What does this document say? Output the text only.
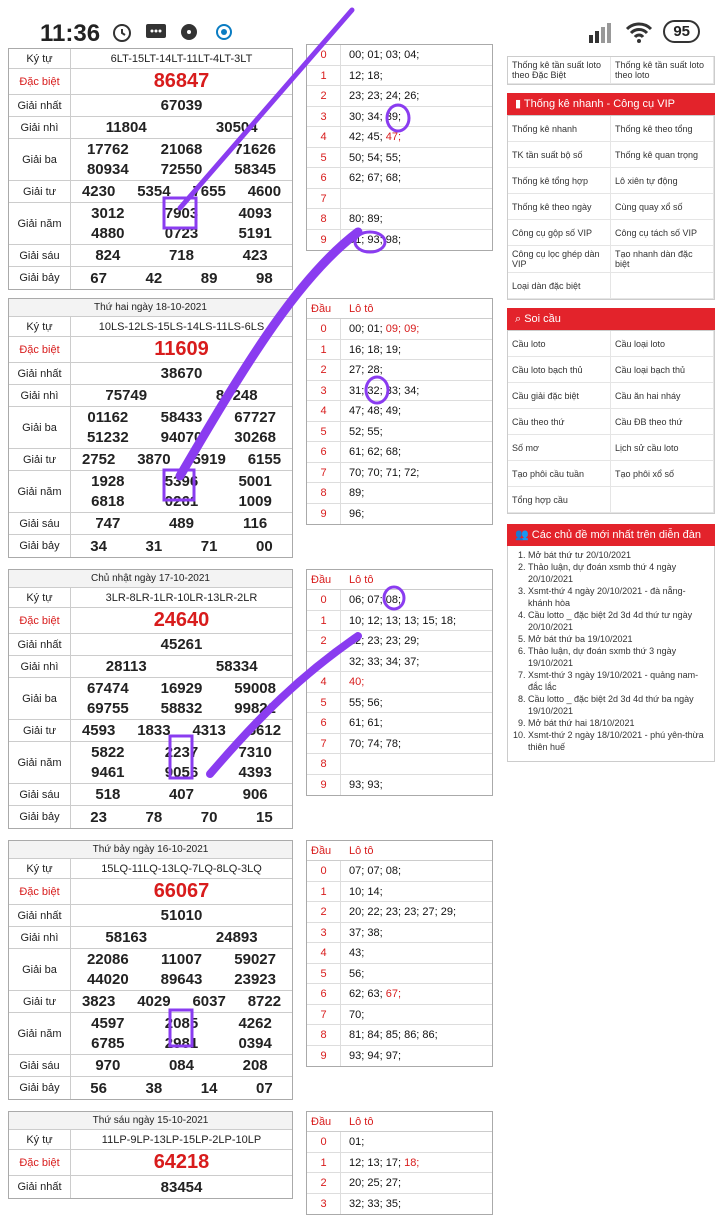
11:36	95
Ký tự	6LT-15LT-14LT-11LT-4LT-3LT
Đặc biệt	86847
Giải nhất	67039
Giải nhì	11804	30504
Giải ba
17762	21068	71626
80934	72550	58345
Giải tư	4230	5354	7655	4600
Giải năm
3012	7903	4093
4880	0723	5191
Giải sáu	824	718	423
Giải bảy	67	42	89	98
Thứ hai ngày 18-10-2021
Ký tự	10LS-12LS-15LS-14LS-11LS-6LS
Đặc biệt	11609
Giải nhất	38670
Giải nhì	75749	89248
Giải ba
01162	58433	67727
51232	94070	30268
Giải tư	2752	3870	5919	6155
Giải năm
1928	5396	5001
6818	0261	1009
Giải sáu	747	489	116
Giải bảy	34	31	71	00
Chủ nhật ngày 17-10-2021
Ký tự	3LR-8LR-1LR-10LR-13LR-2LR
Đặc biệt	24640
Giải nhất	45261
Giải nhì	28113	58334
Giải ba
67474	16929	59008
69755	58832	99822
Giải tư	4593	1833	4313	5612
Giải năm
5822	2237	7310
9461	9056	4393
Giải sáu	518	407	906
Giải bảy	23	78	70	15
Thứ bảy ngày 16-10-2021
Ký tự	15LQ-11LQ-13LQ-7LQ-8LQ-3LQ
Đặc biệt	66067
Giải nhất	51010
Giải nhì	58163	24893
Giải ba
22086	11007	59027
44020	89643	23923
Giải tư	3823	4029	6037	8722
Giải năm
4597	2085	4262
6785	2981	0394
Giải sáu	970	084	208
Giải bảy	56	38	14	07
Thứ sáu ngày 15-10-2021
Ký tự	11LP-9LP-13LP-15LP-2LP-10LP
Đặc biệt	64218
Giải nhất	83454
0	00; 01; 03; 04;
1	12; 18;
2	23; 23; 24; 26;
3	30; 34; 39;
4	42; 45; 47;
5	50; 54; 55;
6	62; 67; 68;
7
8	80; 89;
9	91; 93; 98;
Đầu	Lô tô
0	00; 01; 09; 09;
1	16; 18; 19;
2	27; 28;
3	31; 32; 33; 34;
4	47; 48; 49;
5	52; 55;
6	61; 62; 68;
7	70; 70; 71; 72;
8	89;
9	96;
Đầu	Lô tô
0	06; 07; 08;
1	10; 12; 13; 13; 15; 18;
2	22; 23; 23; 29;
3	32; 33; 34; 37;
4	40;
5	55; 56;
6	61; 61;
7	70; 74; 78;
8
9	93; 93;
Đầu	Lô tô
0	07; 07; 08;
1	10; 14;
2	20; 22; 23; 23; 27; 29;
3	37; 38;
4	43;
5	56;
6	62; 63; 67;
7	70;
8	81; 84; 85; 86; 86;
9	93; 94; 97;
Đầu	Lô tô
0	01;
1	12; 13; 17; 18;
2	20; 25; 27;
3	32; 33; 35;
Thống kê tần suất loto theo Đặc Biệt
Thống kê tần suất loto theo loto
▮ Thống kê nhanh - Công cụ VIP
Thống kê nhanh	Thống kê theo tổng
TK tần suất bộ số	Thống kê quan trọng
Thống kê tổng hợp	Lô xiên tự động
Thống kê theo ngày	Cùng quay xổ số
Công cụ gộp số VIP	Công cụ tách số VIP
Công cụ lọc ghép dàn VIP
Tạo nhanh dàn đặc biệt
Loại dàn đặc biệt
⌕ Soi cầu
Cầu loto	Cầu loại loto
Cầu loto bạch thủ	Cầu loại bạch thủ
Cầu giải đặc biệt	Cầu ăn hai nháy
Cầu theo thứ	Cầu ĐB theo thứ
Số mơ	Lịch sử cầu loto
Tạo phôi cầu tuần	Tạo phôi xổ số
Tổng hợp cầu
👥 Các chủ đề mới nhất trên diễn đàn
1. Mở bát thứ tư 20/10/2021
2. Thảo luận, dự đoán xsmb thứ 4 ngày 20/10/2021
3. Xsmt-thứ 4 ngày 20/10/2021 - đà nẵng-khánh hòa
4. Cầu lotto _ đặc biệt 2d 3d 4d thứ tư ngày 20/10/2021
5. Mở bát thứ ba 19/10/2021
6. Thảo luận, dự đoán sxmb thứ 3 ngày 19/10/2021
7. Xsmt-thứ 3 ngày 19/10/2021 - quảng nam-đắc lắc
8. Cầu lotto _ đặc biệt 2d 3d 4d thứ ba ngày 19/10/2021
9. Mở bát thứ hai 18/10/2021
10. Xsmt-thứ 2 ngày 18/10/2021 - phú yên-thừa thiên huế
